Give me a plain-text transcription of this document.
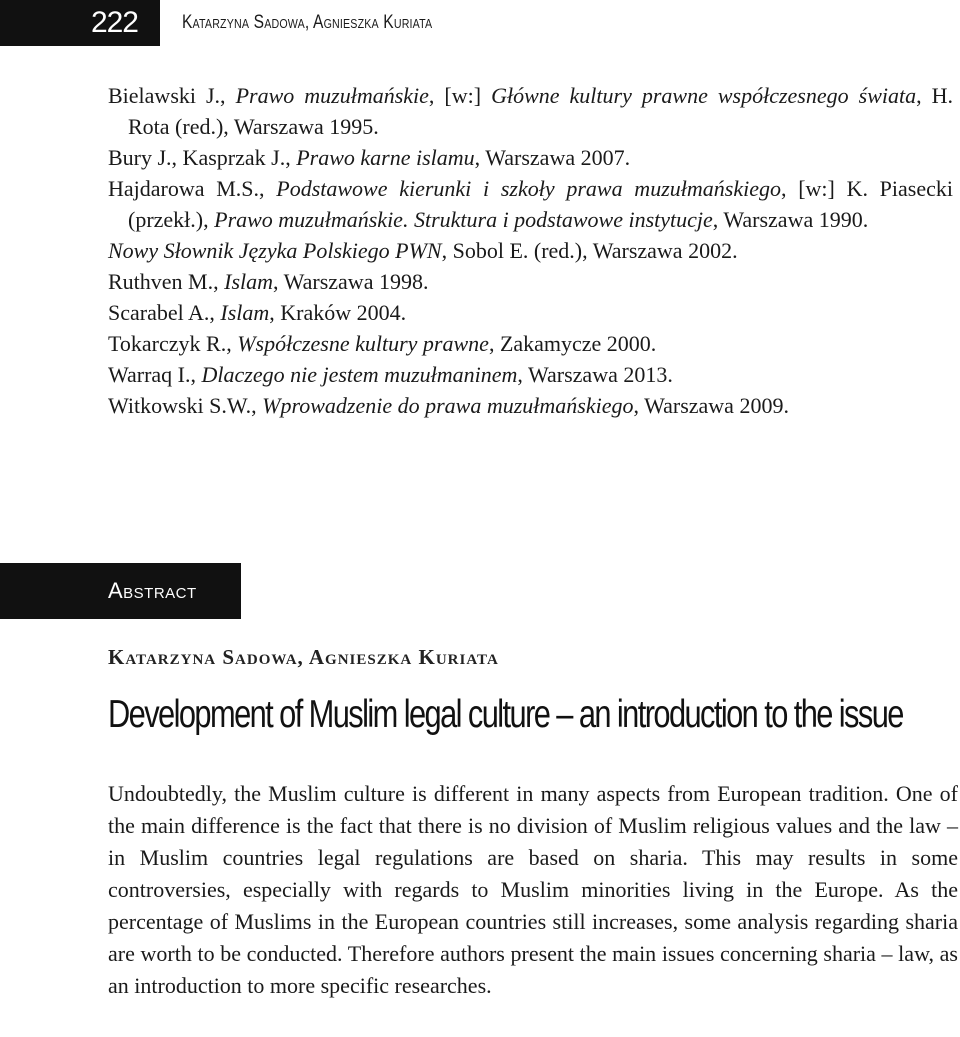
222 Katarzyna Sadowa, Agnieszka Kuriata
Bielawski J., Prawo muzułmańskie, [w:] Główne kultury prawne współczesnego świata, H. Rota (red.), Warszawa 1995.
Bury J., Kasprzak J., Prawo karne islamu, Warszawa 2007.
Hajdarowa M.S., Podstawowe kierunki i szkoły prawa muzułmańskiego, [w:] K. Piasecki (przekł.), Prawo muzułmańskie. Struktura i podstawowe instytucje, Warszawa 1990.
Nowy Słownik Języka Polskiego PWN, Sobol E. (red.), Warszawa 2002.
Ruthven M., Islam, Warszawa 1998.
Scarabel A., Islam, Kraków 2004.
Tokarczyk R., Współczesne kultury prawne, Zakamycze 2000.
Warraq I., Dlaczego nie jestem muzułmaninem, Warszawa 2013.
Witkowski S.W., Wprowadzenie do prawa muzułmańskiego, Warszawa 2009.
Abstract
Katarzyna Sadowa, Agnieszka Kuriata
Development of Muslim legal culture – an introduction to the issue
Undoubtedly, the Muslim culture is different in many aspects from European tradition. One of the main difference is the fact that there is no division of Muslim religious values and the law – in Muslim countries legal regulations are based on sharia. This may results in some controversies, especially with regards to Muslim minorities living in the Europe. As the percentage of Muslims in the European countries still increases, some analysis regarding sharia are worth to be conducted. Therefore authors present the main issues concerning sharia – law, as an introduction to more specific researches.
